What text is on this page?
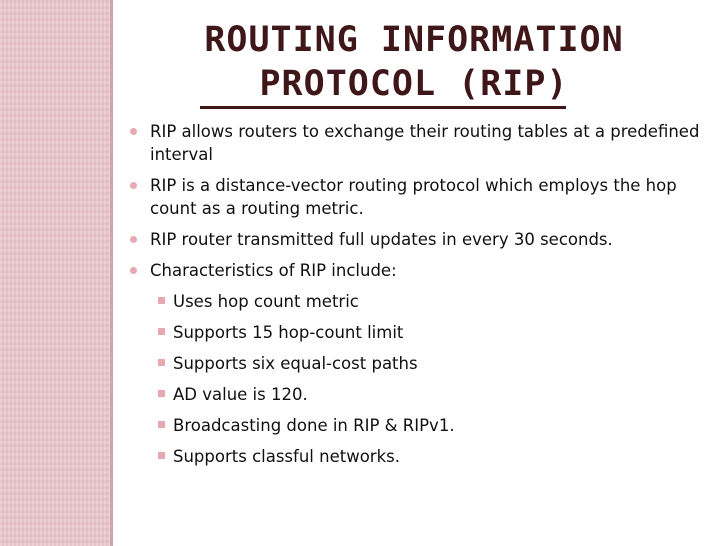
ROUTING INFORMATION
PROTOCOL (RIP)
RIP allows routers to exchange their routing tables at a predefined interval
RIP is a distance-vector routing protocol which employs the hop count as a routing metric.
RIP router transmitted full updates in every 30 seconds.
Characteristics of RIP include:
Uses hop count metric
Supports 15 hop-count limit
Supports six equal-cost paths
AD value is 120.
Broadcasting done in RIP & RIPv1.
Supports classful networks.
